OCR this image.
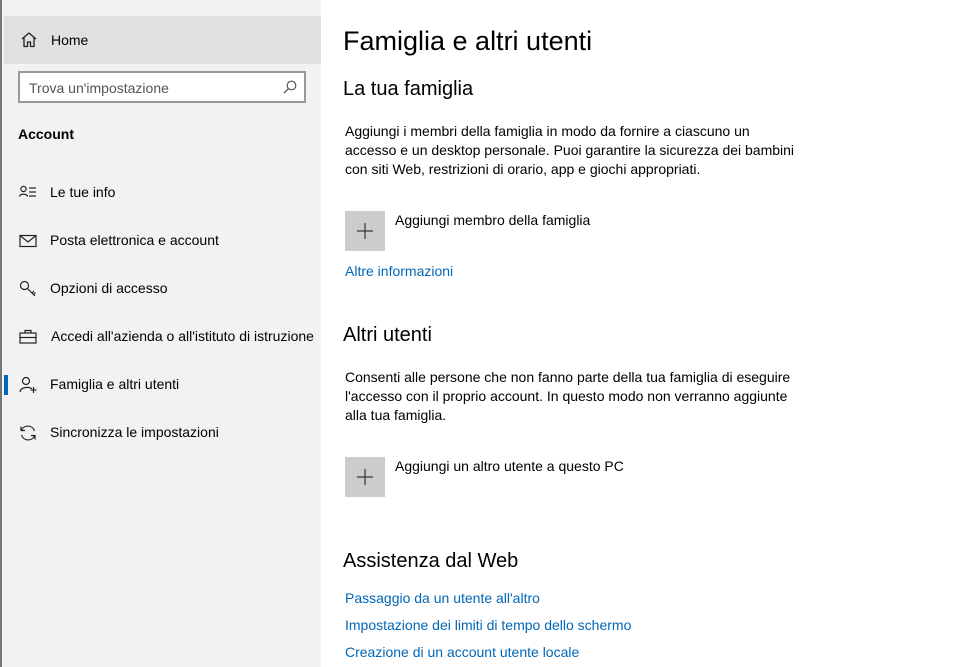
Home
Trova un'impostazione
Account
Le tue info
Posta elettronica e account
Opzioni di accesso
Accedi all'azienda o all'istituto di istruzione
Famiglia e altri utenti
Sincronizza le impostazioni
Famiglia e altri utenti
La tua famiglia

Aggiungi i membri della famiglia in modo da fornire a ciascuno un accesso e un desktop personale. Puoi garantire la sicurezza dei bambini con siti Web, restrizioni di orario, app e giochi appropriati.

Aggiungi membro della famiglia
Altre informazioni
Altri utenti

Consenti alle persone che non fanno parte della tua famiglia di eseguire l'accesso con il proprio account. In questo modo non verranno aggiunte alla tua famiglia.

Aggiungi un altro utente a questo PC
Assistenza dal Web
Passaggio da un utente all'altro
Impostazione dei limiti di tempo dello schermo
Creazione di un account utente locale
